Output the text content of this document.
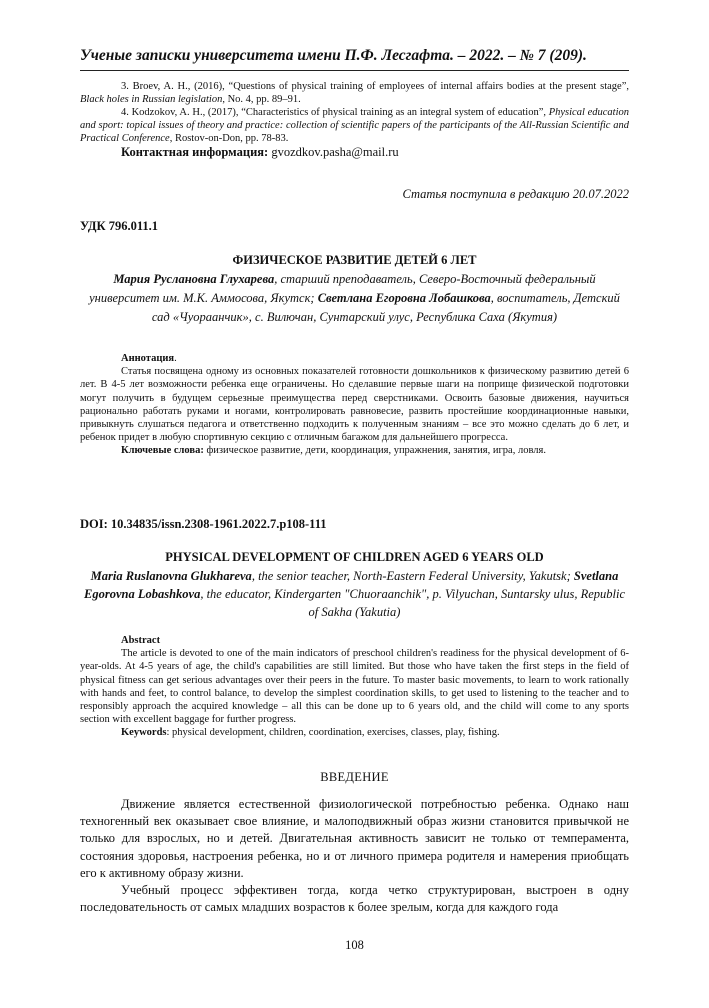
Ученые записки университета имени П.Ф. Лесгафта. – 2022. – № 7 (209).

3. Broev, A. H., (2016), “Questions of physical training of employees of internal affairs bodies at the present stage”, Black holes in Russian legislation, No. 4, pp. 89–91.

4. Kodzokov, A. H., (2017), “Characteristics of physical training as an integral system of education”, Physical education and sport: topical issues of theory and practice: collection of scientific papers of the participants of the All-Russian Scientific and Practical Conference, Rostov-on-Don, pp. 78-83.

Контактная информация: gvozdkov.pasha@mail.ru

Статья поступила в редакцию 20.07.2022
УДК 796.011.1
ФИЗИЧЕСКОЕ РАЗВИТИЕ ДЕТЕЙ 6 ЛЕТ
Мария Руслановна Глухарева, старший преподаватель, Северо-Восточный федеральный университет им. М.К. Аммосова, Якутск; Светлана Егоровна Лобашкова, воспитатель, Детский сад «Чуораанчик», с. Вилючан, Сунтарский улус, Республика Саха (Якутия)

Аннотация.

Статья посвящена одному из основных показателей готовности дошкольников к физическому развитию детей 6 лет. В 4-5 лет возможности ребенка еще ограничены. Но сделавшие первые шаги на поприще физической подготовки могут получить в будущем серьезные преимущества перед сверстниками. Освоить базовые движения, научиться рационально работать руками и ногами, контролировать равновесие, развить простейшие координационные навыки, привыкнуть слушаться педагога и ответственно подходить к полученным знаниям – все это можно сделать до 6 лет, и ребенок придет в любую спортивную секцию с отличным багажом для дальнейшего прогресса.

Ключевые слова: физическое развитие, дети, координация, упражнения, занятия, игра, ловля.

DOI: 10.34835/issn.2308-1961.2022.7.p108-111
PHYSICAL DEVELOPMENT OF CHILDREN AGED 6 YEARS OLD
Maria Ruslanovna Glukhareva, the senior teacher, North-Eastern Federal University, Yakutsk; Svetlana Egorovna Lobashkova, the educator, Kindergarten "Chuoraanchik", p. Vilyuchan, Suntarsky ulus, Republic of Sakha (Yakutia)

Abstract

The article is devoted to one of the main indicators of preschool children's readiness for the physical development of 6-year-olds. At 4-5 years of age, the child's capabilities are still limited. But those who have taken the first steps in the field of physical fitness can get serious advantages over their peers in the future. To master basic movements, to learn to work rationally with hands and feet, to control balance, to develop the simplest coordination skills, to get used to listening to the teacher and to responsibly approach the acquired knowledge – all this can be done up to 6 years old, and the child will come to any sports section with excellent baggage for further progress.

Keywords: physical development, children, coordination, exercises, classes, play, fishing.

ВВЕДЕНИЕ

Движение является естественной физиологической потребностью ребенка. Однако наш техногенный век оказывает свое влияние, и малоподвижный образ жизни становится привычкой не только для взрослых, но и детей. Двигательная активность зависит не только от темперамента, состояния здоровья, настроения ребенка, но и от личного примера родителя и намерения приобщать его к активному образу жизни.

Учебный процесс эффективен тогда, когда четко структурирован, выстроен в одну последовательность от самых младших возрастов к более зрелым, когда для каждого года

108
